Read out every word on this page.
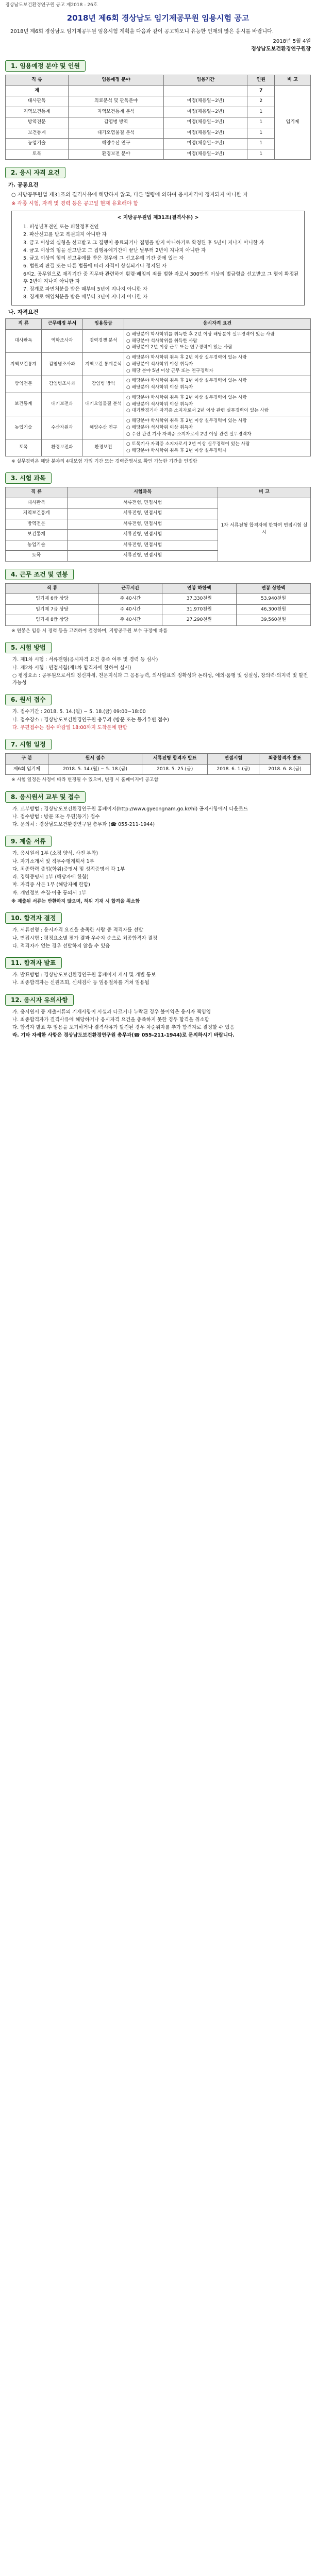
경상남도보건환경연구원 공고 제2018 - 26호
2018년 제6회 경상남도 임기제공무원 임용시험 공고
2018년 제6회 경상남도 임기제공무원 임용시험 계획을 다음과 같이 공고하오니 유능한 인재의 많은 응시를 바랍니다.
2018년 5월 4일
경상남도보건환경연구원장
1. 임용예정 분야 및 인원
직 류	임용예정 분야	임용기간	인원	비 고
계			7	임기제
대사판독	의료분석 및 판독분야	미정(채용일~2년)	2	
지역보건통계	지역보건통계 분석	미정(채용일~2년)	1	
방역전문	감염병 방역	미정(채용일~2년)	1	
보건통계	대기오염물질 분석	미정(채용일~2년)	1	
농업기술	해양수산 연구	미정(채용일~2년)	1	
토목	환경보전 분야	미정(채용일~2년)	1	
2. 응시 자격 요건
가. 공통요건

○ 지방공무원법 제31조의 결격사유에 해당하지 않고, 다른 법령에 의하여 응시자격이 정지되지 아니한 자

※ 각종 시험, 자격 및 경력 등은 공고일 현재 유효해야 함

< 지방공무원법 제31조(결격사유) >
1. 피성년후견인 또는 피한정후견인
2. 파산선고를 받고 복권되지 아니한 자
3. 금고 이상의 실형을 선고받고 그 집행이 종료되거나 집행을 받지 아니하기로 확정된 후 5년이 지나지 아니한 자
4. 금고 이상의 형을 선고받고 그 집행유예기간이 끝난 날부터 2년이 지나지 아니한 자
5. 금고 이상의 형의 선고유예를 받은 경우에 그 선고유예 기간 중에 있는 자
6. 법원의 판결 또는 다른 법률에 따라 자격이 상실되거나 정지된 자
6의2. 공무원으로 재직기간 중 직무와 관련하여 횡령·배임의 죄를 범한 자로서 300만원 이상의 벌금형을 선고받고 그 형이 확정된 후 2년이 지나지 아니한 자
7. 징계로 파면처분을 받은 때부터 5년이 지나지 아니한 자
8. 징계로 해임처분을 받은 때부터 3년이 지나지 아니한 자
나. 자격요건
직 류	근무예정 부서	임용등급	응시자격 요건
대사판독	역학조사과	경력경쟁 분석	○ 해당분야 학사학위를 취득한 후 2년 이상 해당분야 실무경력이 있는 사람
○ 해당분야 석사학위를 취득한 사람
○ 해당분야 2년 이상 근무 또는 연구경력이 있는 사람
지역보건통계	감염병조사과	지역보건 통계분석	○ 해당분야 학사학위 취득 후 2년 이상 실무경력이 있는 사람
○ 해당분야 석사학위 이상 취득자
○ 해당 분야 5년 이상 근무 또는 연구경력자
방역전문	감염병조사과	감염병 방역	○ 해당분야 학사학위 취득 후 1년 이상 실무경력이 있는 사람
○ 해당분야 석사학위 이상 취득자
보건통계	대기보전과	대기오염물질 분석	○ 해당분야 학사학위 취득 후 2년 이상 실무경력이 있는 사람
○ 해당분야 석사학위 이상 취득자
○ 대기환경기사 자격증 소지자로서 2년 이상 관련 실무경력이 있는 사람
농업기술	수산자원과	해양수산 연구	○ 해당분야 학사학위 취득 후 2년 이상 실무경력이 있는 사람
○ 해당분야 석사학위 이상 취득자
○ 수산 관련 기사 자격증 소지자로서 2년 이상 관련 실무경력자
토목	환경보전과	환경보전	○ 토목기사 자격증 소지자로서 2년 이상 실무경력이 있는 사람
○ 해당분야 학사학위 취득 후 2년 이상 실무경력자

※ 실무경력은 해당 분야의 4대보험 가입 기간 또는 경력증명서로 확인 가능한 기간을 인정함

3. 시험 과목
직 류	시험과목	비 고
대사판독	서류전형, 면접시험	1차 서류전형 합격자에 한하여 면접시험 실시
지역보건통계	서류전형, 면접시험	
방역전문	서류전형, 면접시험	
보건통계	서류전형, 면접시험	
농업기술	서류전형, 면접시험	
토목	서류전형, 면접시험	
4. 근무 조건 및 연봉
직 류	근무시간	연봉 하한액	연봉 상한액
임기제 6급 상당	주 40시간	37,330천원	53,940천원
임기제 7급 상당	주 40시간	31,970천원	46,300천원
임기제 8급 상당	주 40시간	27,290천원	39,560천원

※ 연봉은 임용 시 경력 등을 고려하여 결정하며, 지방공무원 보수 규정에 따름

5. 시험 방법
가. 제1차 시험 : 서류전형(응시자격 요건 충족 여부 및 경력 등 심사)
나. 제2차 시험 : 면접시험(제1차 합격자에 한하여 실시)
○ 평정요소 : 공무원으로서의 정신자세, 전문지식과 그 응용능력, 의사발표의 정확성과 논리성, 예의·품행 및 성실성, 창의력·의지력 및 발전가능성
6. 원서 접수
가. 접수기간 : 2018. 5. 14.(월) ~ 5. 18.(금) 09:00~18:00
나. 접수장소 : 경상남도보건환경연구원 총무과 (방문 또는 등기우편 접수)
다. 우편접수는 접수 마감일 18:00까지 도착분에 한함
7. 시험 일정
구 분	원서 접수	서류전형 합격자 발표	면접시험	최종합격자 발표
제6회 임기제	2018. 5. 14.(월) ~ 5. 18.(금)	2018. 5. 25.(금)	2018. 6. 1.(금)	2018. 6. 8.(금)

※ 시험 일정은 사정에 따라 변경될 수 있으며, 변경 시 홈페이지에 공고함

8. 응시원서 교부 및 접수
가. 교부방법 : 경상남도보건환경연구원 홈페이지(http://www.gyeongnam.go.kr/hi) 공지사항에서 다운로드
나. 접수방법 : 방문 또는 우편(등기) 접수
다. 문의처 : 경상남도보건환경연구원 총무과 (☎ 055-211-1944)
9. 제출 서류
가. 응시원서 1부 (소정 양식, 사진 부착)
나. 자기소개서 및 직무수행계획서 1부
다. 최종학력 졸업(학위)증명서 및 성적증명서 각 1부
라. 경력증명서 1부 (해당자에 한함)
마. 자격증 사본 1부 (해당자에 한함)
바. 개인정보 수집·이용 동의서 1부

※ 제출된 서류는 반환하지 않으며, 허위 기재 시 합격을 취소함

10. 합격자 결정
가. 서류전형 : 응시자격 요건을 충족한 사람 중 적격자를 선발
나. 면접시험 : 평정요소별 평가 결과 우수자 순으로 최종합격자 결정
다. 적격자가 없는 경우 선발하지 않을 수 있음
11. 합격자 발표
가. 발표방법 : 경상남도보건환경연구원 홈페이지 게시 및 개별 통보
나. 최종합격자는 신원조회, 신체검사 등 임용절차를 거쳐 임용됨
12. 응시자 유의사항
가. 응시원서 등 제출서류의 기재사항이 사실과 다르거나 누락된 경우 불이익은 응시자 책임임
나. 최종합격자가 결격사유에 해당하거나 응시자격 요건을 충족하지 못한 경우 합격을 취소함
다. 합격자 발표 후 임용을 포기하거나 결격사유가 발견된 경우 차순위자를 추가 합격자로 결정할 수 있음
라. 기타 자세한 사항은 경상남도보건환경연구원 총무과(☎ 055-211-1944)로 문의하시기 바랍니다.
